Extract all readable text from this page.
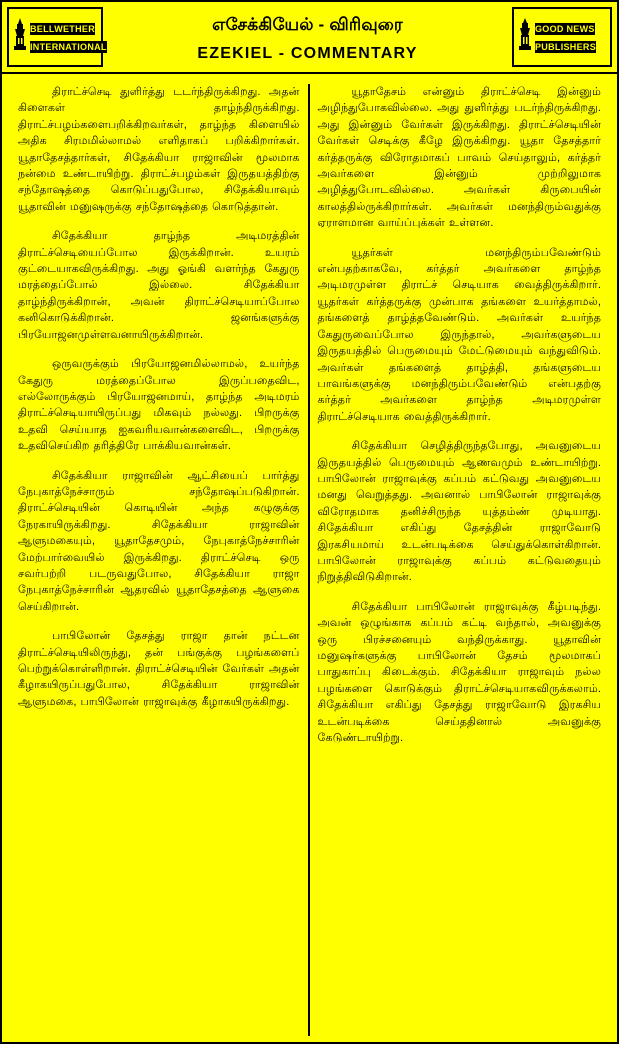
BELLWETHER INTERNATIONAL
எசேக்கியேல் - விரிவுரை
EZEKIEL - COMMENTARY
GOOD NEWS PUBLISHERS

திராட்ச்செடி துளிர்த்து டடர்ந்திருக்கிறது. அதன் கிளைகள் தாழ்ந்திருக்கிறது. திராட்ச்பழம்களைபறிக்கிறவர்கள், தாழ்ந்த கிளையில் அதிக சிரமமில்லாமல் எளிதாகப் பறிக்கிறார்கள். யூதாதேசத்தார்கள், சிதேக்கியா ராஜாவின் மூலமாக நன்மை உண்டாயிற்று. திராட்ச்பழம்கள் இருதயத்திற்கு சந்தோஷத்தை கொடுப்பதுபோல, சிதேக்கியாவும் யூதாவின் மனுஷருக்கு சந்தோஷத்தை கொடுத்தான்.

சிதேக்கியா தாழ்ந்த அடிமரத்தின் திராட்ச்செடியைப்போல இருக்கிறான். உயரம் குட்டையாகவிருக்கிறது. அது ஓங்கி வளர்ந்த கேதுரு மரத்தைப்போல் இல்லை. சிதேக்கியா தாழ்ந்திருக்கிறான், அவன் திராட்ச்செடியாப்போல கனிகொடுக்கிறான். ஜனங்களுக்கு பிரயோஜனமுள்ளவனாயிருக்கிறான்.

ஒருவருக்கும் பிரயோஜனமில்லாமல், உயர்ந்த கேதுரு மரத்தைப்போல இருப்பதைவிட, எல்லோருக்கும் பிரயோஜனமாய், தாழ்ந்த அடிமரம் திராட்ச்செடியாயிருப்பது மிகவும் நல்லது. பிறருக்கு உதவி செய்யாத ஐகவரியவான்களைவிட, பிறருக்கு உதவிசெய்கிற தரித்திரே பாக்கியவான்கள்.

சிதேக்கியா ராஜாவின் ஆட்சியைப் பார்த்து நேபுகாத்நேச்சாரும் சந்தோஷப்படுகிறான். திராட்ச்செடியின் கொடியின் அந்த கழுகுக்கு நேரகாயிருக்கிறது. சிதேக்கியா ராஜாவின் ஆளுமகையும், யூதாதேசமும், நேபுகாத்நேச்சாரின் மேற்பார்வையில் இருக்கிறது. திராட்ச்செடி ஒரு சவர்பற்றி படருவதுபோல, சிதேக்கியா ராஜா நேபுகாத்நேச்சாரின் ஆதரவில் யூதாதேசத்தை ஆளுகை செய்கிறான்.

பாபிலோன் தேசத்து ராஜா தான் நட்டன திராட்ச்செடியிலிருந்து, தன் பங்குக்கு பழங்களைப் பெற்றுக்கொள்ளிறான். திராட்ச்செடியின் வேர்கள் அதன் கீழாகயிருப்பதுபோல, சிதேக்கியா ராஜாவின் ஆளுமகை, பாபிலோன் ராஜாவுக்கு கீழாகயிருக்கிறது.

யூதாதேசம் என்னும் திராட்ச்செடி இன்னும் அழிந்துபோகவில்லை. அது துளிர்த்து படர்ந்திருக்கிறது. அது இன்னும் வேர்கள் இருக்கிறது. திராட்ச்செடியின் வேர்கள் செடிக்கு கீழே இருக்கிறது. யூதா தேசத்தார் கர்த்தருக்கு விரோதமாகப் பாவம் செய்தாலும், கர்த்தர் அவர்களை இன்னும் முற்றிலுமாக அழித்துபோடவில்லை. அவர்கள் கிருபையின் காலத்தில்ருக்கிறார்கள். அவர்கள் மனந்திரும்வதுக்கு ஏராளமான வாய்ப்புக்கள் உள்ளன.

யூதர்கள் மனந்திரும்பவேண்டும் என்பதற்காகவே, கர்த்தர் அவர்களை தாழ்ந்த அடிமரமுள்ள திராட்ச் செடியாக வைத்திருக்கிறார். யூதர்கள் கர்த்தருக்கு முன்பாக தங்களை உயர்த்தாமல், தங்களைத் தாழ்த்தவேண்டும். அவர்கள் உயர்ந்த கேதுருவைப்போல இருந்தால், அவர்களுடைய இருதயத்தில் பெருமையும் மேட்டுமையும் வந்துவிடும். அவர்கள் தங்களைத் தாழ்த்தி, தங்களுடைய பாவங்களுக்கு மனந்திரும்பவேண்டும் என்பதற்கு கர்த்தர் அவர்களை தாழ்ந்த அடிமரமுள்ள திராட்ச்செடியாக வைத்திருக்கிறார்.

சிதேக்கியா செழித்திருந்தபோது, அவனுடைய இருதயத்தில் பெருமையும் ஆணவமும் உண்டாயிற்று. பாபிலோன் ராஜாவுக்கு கப்பம் கட்டுவது அவனுடைய மனது வெறுத்தது. அவனால் பாபிலோன் ராஜாவுக்கு விரோதமாக தனிச்சிருந்த யுத்தம்ண் முடியாது. சிதேக்கியா எகிப்து தேசத்தின் ராஜாவோடு இரகசியமாய் உடன்படிக்கை செய்துக்கொள்கிறான். பாபிலோன் ராஜாவுக்கு கப்பம் கட்டுவதையும் நிறுத்திவிடுகிறான்.

சிதேக்கியா பாபிலோன் ராஜாவுக்கு கீழ்படிந்து. அவன் ஒழுங்காக கப்பம் கட்டி வந்தால், அவனுக்கு ஒரு பிரச்சனையும் வந்திருக்காது. யூதாவின் மனுஷர்களுக்கு பாபிலோன் தேசம் மூலமாகப் பாதுகாப்பு கிடைக்கும். சிதேக்கியா ராஜாவும் நல்ல பழங்களை கொடுக்கும் திராட்ச்செடியாகவிருக்கலாம். சிதேக்கியா எகிப்து தேசத்து ராஜாவோடு இரகசிய உடன்படிக்கை செய்ததினால் அவனுக்கு கேடுண்டாயிற்று.
